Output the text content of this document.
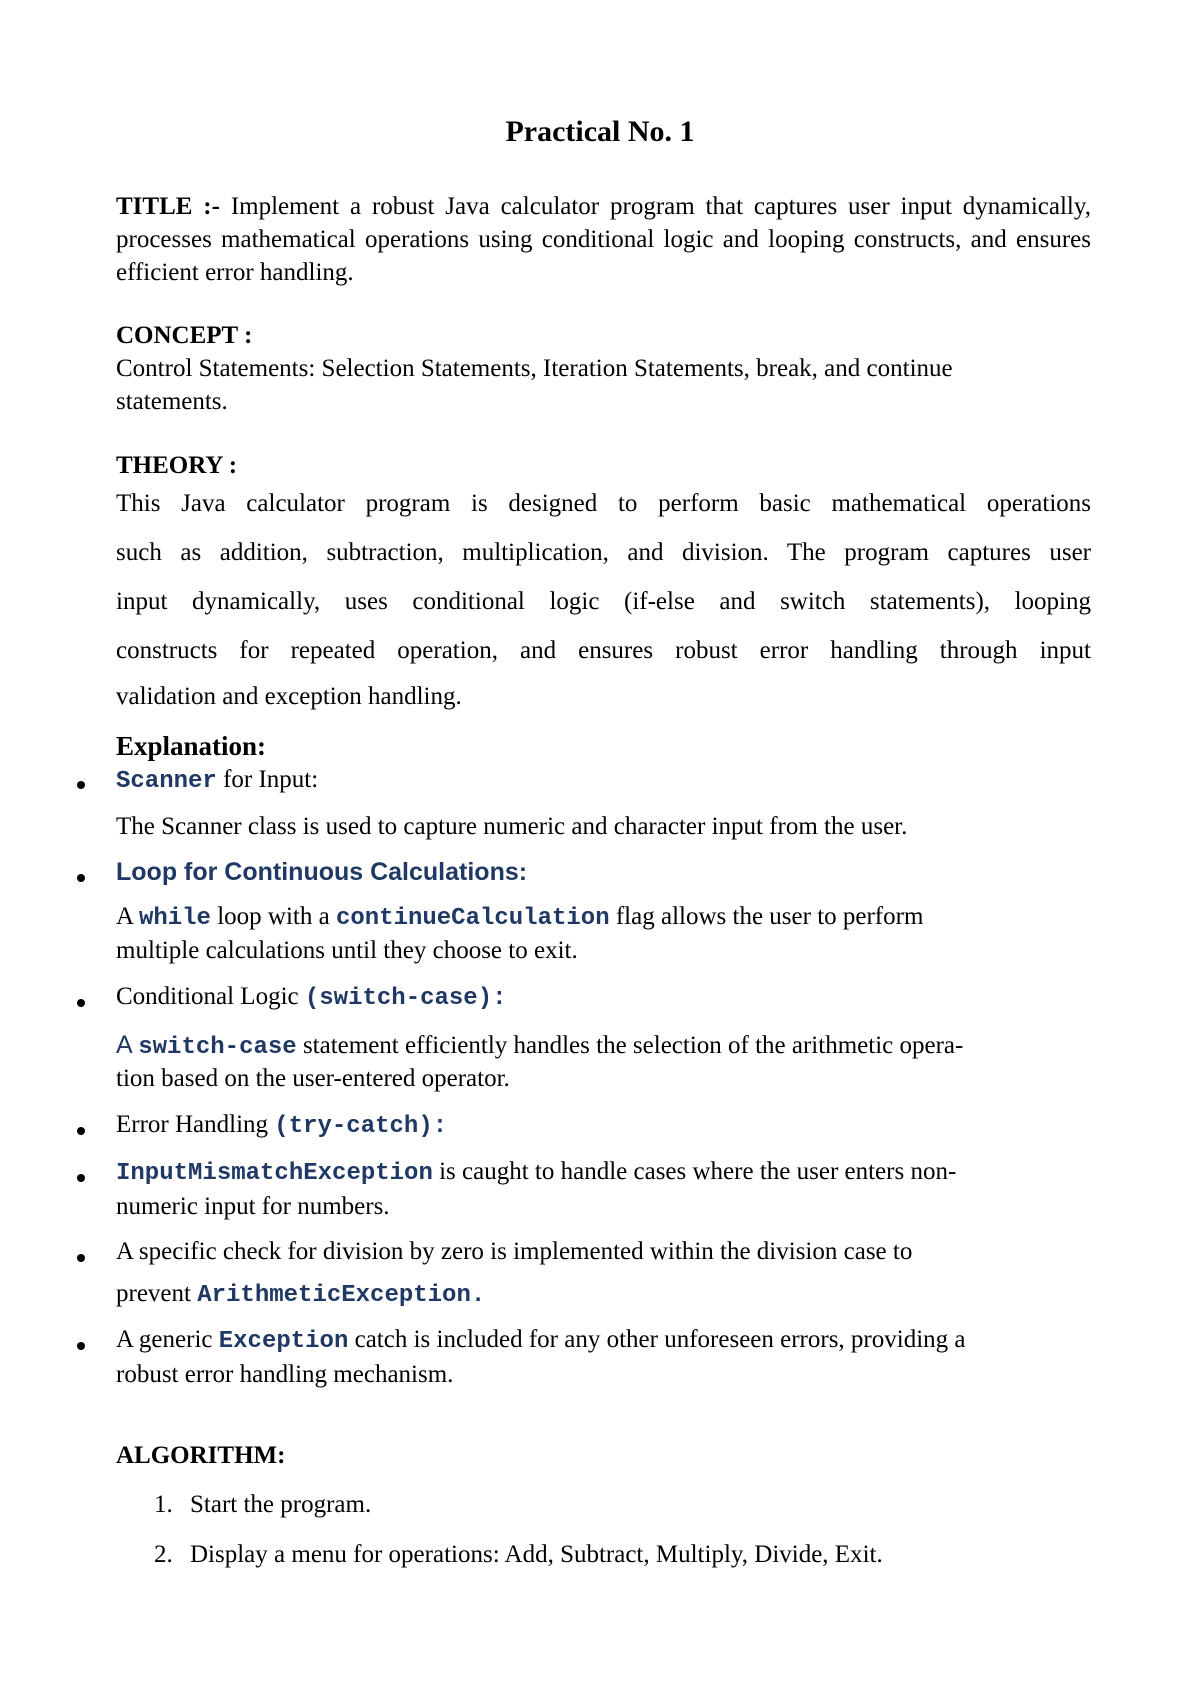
Practical No. 1
TITLE :- Implement a robust Java calculator program that captures user input dynamically, processes mathematical operations using conditional logic and looping constructs, and ensures efficient error handling.
CONCEPT :
Control Statements: Selection Statements, Iteration Statements, break, and continue
statements.
THEORY :
This Java calculator program is designed to perform basic mathematical operations
such as addition, subtraction, multiplication, and division. The program captures user
input dynamically, uses conditional logic (if-else and switch statements), looping
constructs for repeated operation, and ensures robust error handling through input
validation and exception handling.
Explanation:
Scanner for Input:
The Scanner class is used to capture numeric and character input from the user.
Loop for Continuous Calculations:
A while loop with a continueCalculation flag allows the user to perform
multiple calculations until they choose to exit.
Conditional Logic (switch-case):
A switch-case statement efficiently handles the selection of the arithmetic opera-
tion based on the user-entered operator.
Error Handling (try-catch):
InputMismatchException is caught to handle cases where the user enters non-
numeric input for numbers.
A specific check for division by zero is implemented within the division case to
prevent ArithmeticException.
A generic Exception catch is included for any other unforeseen errors, providing a
robust error handling mechanism.
ALGORITHM:
1. Start the program.
2. Display a menu for operations: Add, Subtract, Multiply, Divide, Exit.
